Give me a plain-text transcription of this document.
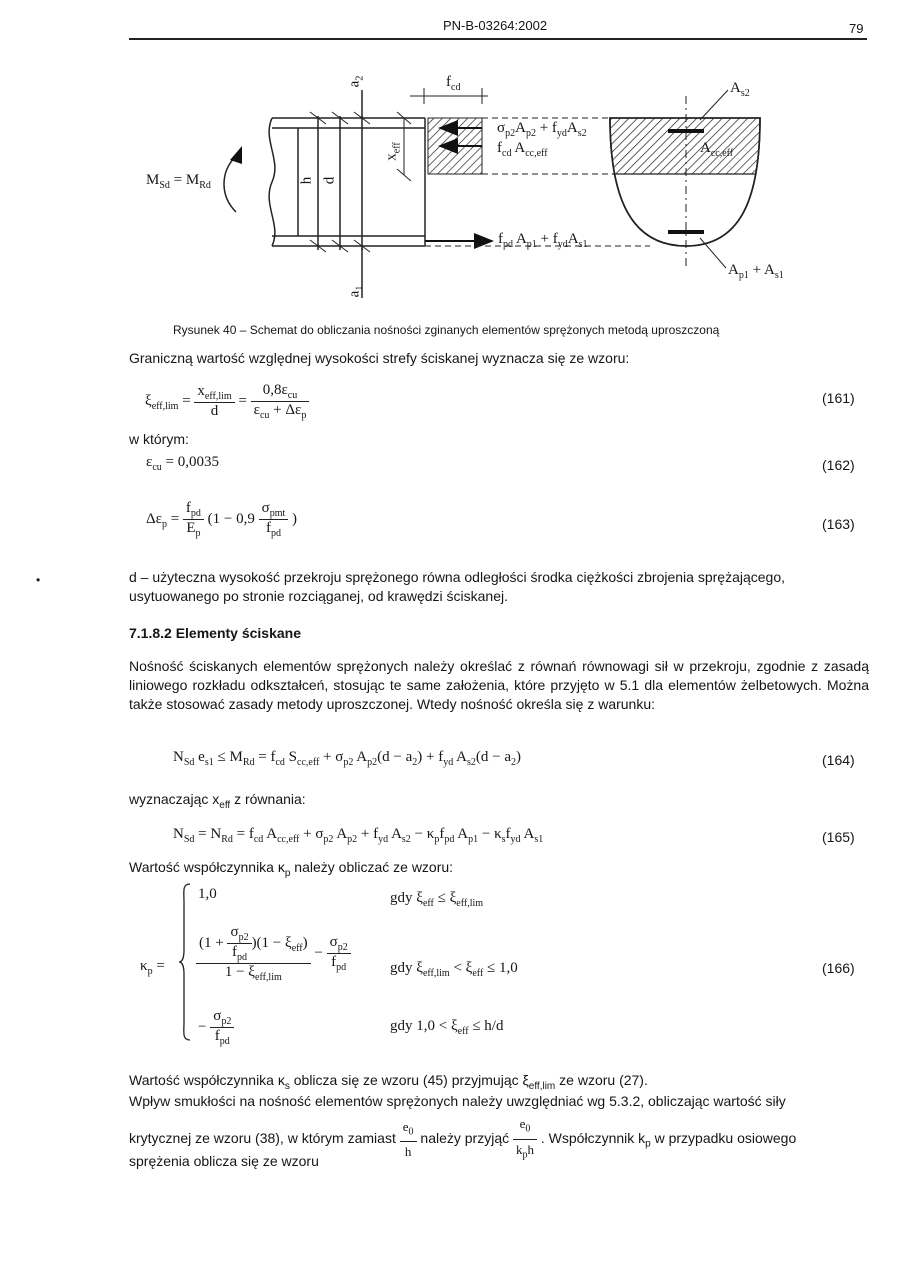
PN-B-03264:2002	79
$M_{Sd} = M_{Rd}$
$a_2$
$a_1$
$f_{cd}$
$x_{eff}$
h d
$\sigma_{p2}A_{p2} + f_{yd}A_{s2}$
$f_{cd}$ $A_{cc,eff}$
$f_{pd}$ $A_{p1} + f_{yd}A_{s1}$
$A_{s2}$
$A_{cc,eff}$
$A_{p1} + A_{s1}$
Rysunek 40 – Schemat do obliczania nośności zginanych elementów sprężonych metodą uproszczoną
Graniczną wartość względnej wysokości strefy ściskanej wyznacza się ze wzoru:
$\xi_{eff,lim} = \frac{x_{eff,lim}}{d} = \frac{0,8\varepsilon_{cu}}{\varepsilon_{cu} + \Delta\varepsilon_p}$	(161)
w którym:
$\varepsilon_{cu} = 0,0035$	(162)
$\Delta\varepsilon_p = \frac{f_{pd}}{E_p} (1 - 0,9 \frac{\sigma_{pmt}}{f_{pd}}$ )	(163)
•	d – użyteczna wysokość przekroju sprężonego równa odległości środka ciężkości zbrojenia sprężającego, usytuowanego po stronie rozciąganej, od krawędzi ściskanej.
7.1.8.2 Elementy ściskane
Nośność ściskanych elementów sprężonych należy określać z równań równowagi sił w przekroju, zgodnie z zasadą liniowego rozkładu odkształceń, stosując te same założenia, które przyjęto w 5.1 dla elementów żelbetowych. Można także stosować zasady metody uproszczonej. Wtedy nośność określa się z warunku:
$N_{Sd}$ $e_{s1} \le M_{Rd} = f_{cd}$ $S_{cc,eff} + \sigma_{p2}$ $A_{p2}(d - a_2) + f_{yd}$ $A_{s2}(d - a_2)$	(164)
wyznaczając $x_{eff}$ z równania:
$N_{Sd} = N_{Rd} = f_{cd}$ $A_{cc,eff} + \sigma_{p2}$ $A_{p2} + f_{yd}$ $A_{s2} - \kappa_pf_{pd}$ $A_{p1} - \kappa_sf_{yd}$ $A_{s1}$	(165)
Wartość współczynnika $\kappa_p$ należy obliczać ze wzoru:
$\kappa_p$ =
1,0	gdy $\xi_{eff} \le \xi_{eff,lim}$
$\frac{(1 + \frac{\sigma_{p2}}{f_{pd}} )(1 - \xi_{eff})}{1 - \xi_{eff,lim}} - \frac{\sigma_{p2}}{f_{pd}}$	gdy $\xi_{eff,lim} < \xi_{eff} \le 1,0$
− $\frac{\sigma_{p2}}{f_{pd}}$	gdy $1,0 < \xi_{eff} \le h/d$
(166)
Wartość współczynnika $\kappa_s$ oblicza się ze wzoru (45) przyjmując $\xi_{eff,lim}$ ze wzoru (27).
Wpływ smukłości na nośność elementów sprężonych należy uwzględniać wg 5.3.2, obliczając wartość siły
krytycznej ze wzoru (38), w którym zamiast $\frac{e_0}{h}$ należy przyjąć $\frac{e_0}{k_ph}$ . Współczynnik $k_p$ w przypadku osiowego
sprężenia oblicza się ze wzoru
